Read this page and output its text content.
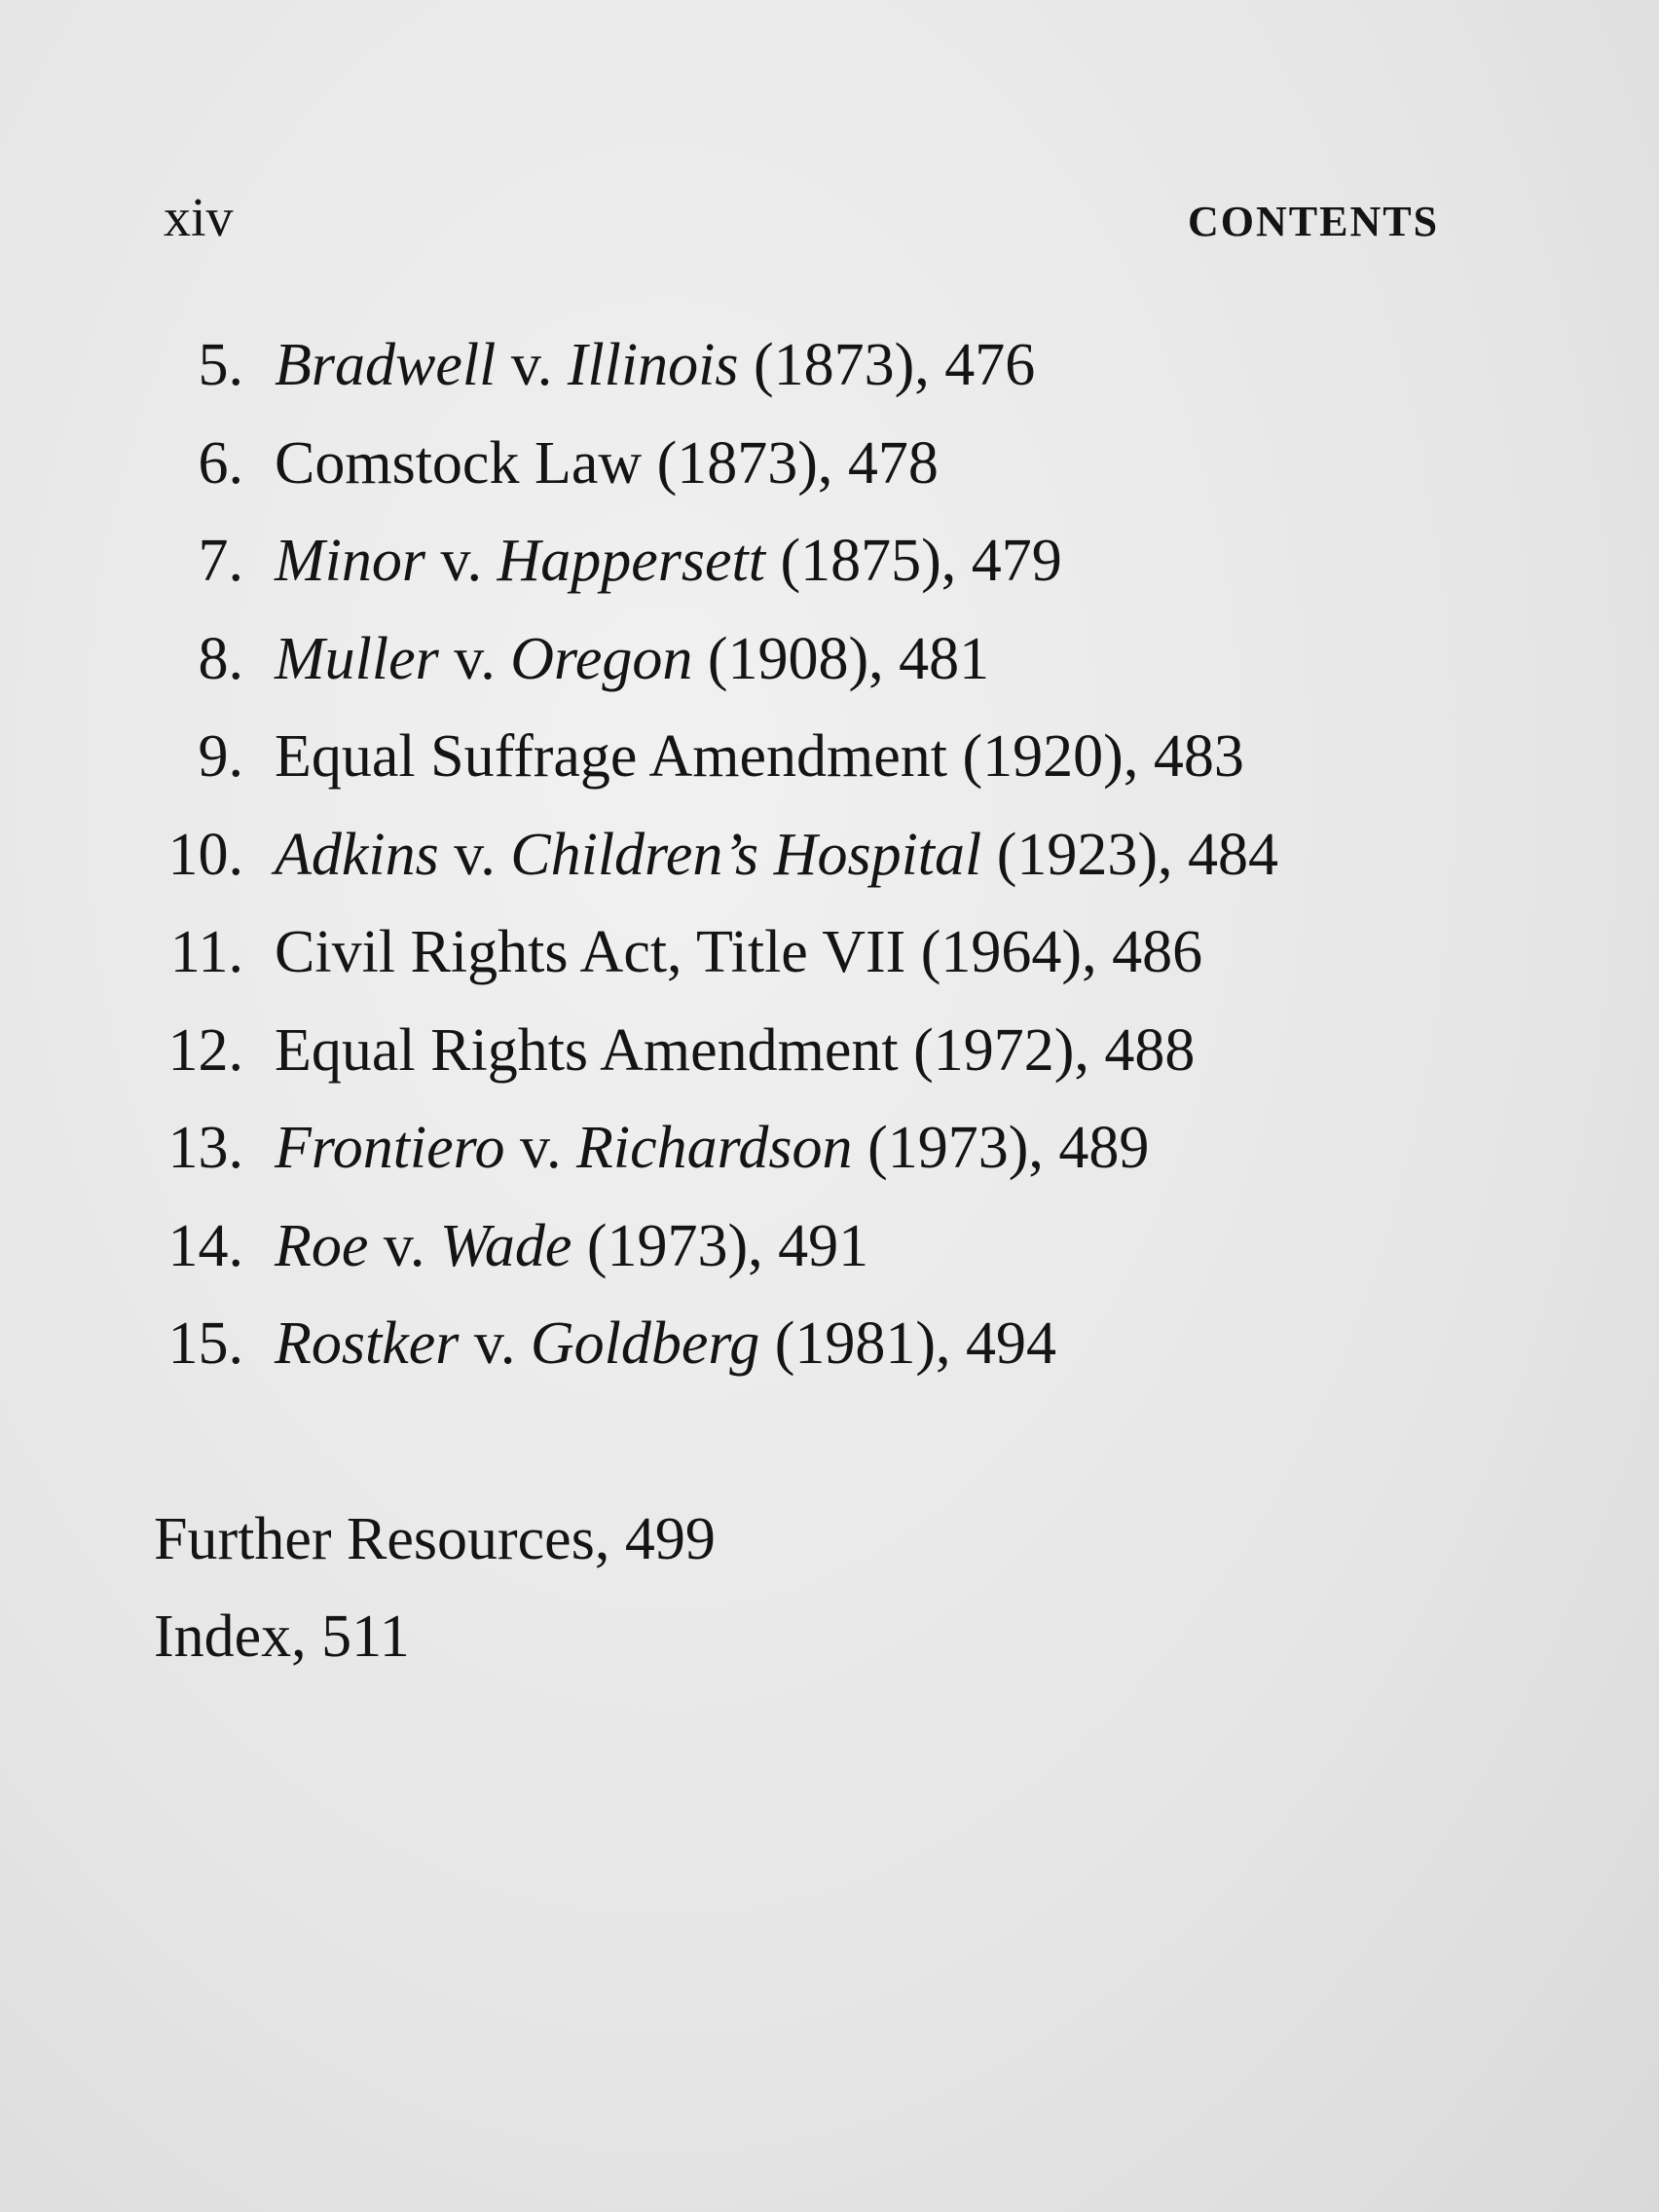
xiv	CONTENTS
5. Bradwell v. Illinois (1873), 476
6. Comstock Law (1873), 478
7. Minor v. Happersett (1875), 479
8. Muller v. Oregon (1908), 481
9. Equal Suffrage Amendment (1920), 483
10. Adkins v. Children’s Hospital (1923), 484
11. Civil Rights Act, Title VII (1964), 486
12. Equal Rights Amendment (1972), 488
13. Frontiero v. Richardson (1973), 489
14. Roe v. Wade (1973), 491
15. Rostker v. Goldberg (1981), 494
Further Resources, 499
Index, 511
